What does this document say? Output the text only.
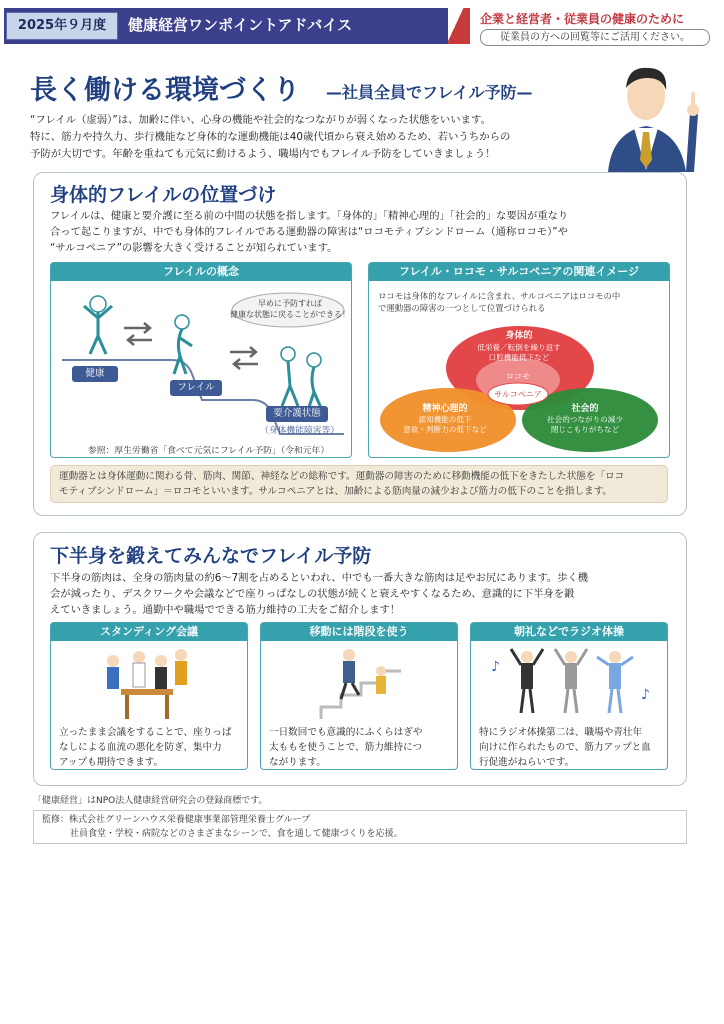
2025年９月度	健康経営ワンポイントアドバイス	企業と経営者・従業員の健康のために
従業員の方への回覧等にご活用ください。
長く働ける環境づくり —社員全員でフレイル予防—

“フレイル（虚弱）”は、加齢に伴い、心身の機能や社会的なつながりが弱くなった状態をいいます。

特に、筋力や持久力、歩行機能など身体的な運動機能は40歳代頃から衰え始めるため、若いうちからの

予防が大切です。年齢を重ねても元気に動けるよう、職場内でもフレイル予防をしていきましょう！

身体的フレイルの位置づけ

フレイルは、健康と要介護に至る前の中間の状態を指します。「身体的」「精神心理的」「社会的」な要因が重なり

合って起こりますが、中でも身体的フレイルである運動器の障害は“ロコモティブシンドローム（通称ロコモ）”や

“サルコペニア”の影響を大きく受けることが知られています。

フレイルの概念
早めに予防すれば
健康な状態に戻ることができる！
健康
フレイル
要介護状態
（身体機能障害等）
参照：厚生労働省「食べて元気にフレイル予防」（令和元年）
フレイル・ロコモ・サルコペニアの関連イメージ
ロコモは身体的なフレイルに含まれ、サルコペニアはロコモの中
で運動器の障害の一つとして位置づけられる
身体的
低栄養／転倒を繰り返す
口腔機能低下など
ロコモ
サルコペニア
精神心理的
認知機能の低下
意欲・判断力の低下など
社会的
社会的つながりの減少
閉じこもりがちなど

運動器とは身体運動に関わる骨、筋肉、関節、神経などの総称です。運動器の障害のために移動機能の低下をきたした状態を「ロコ

モティブシンドローム」＝ロコモといいます。サルコペニアとは、加齢による筋肉量の減少および筋力の低下のことを指します。

下半身を鍛えてみんなでフレイル予防

下半身の筋肉は、全身の筋肉量の約6～7割を占めるといわれ、中でも一番大きな筋肉は足やお尻にあります。歩く機

会が減ったり、デスクワークや会議などで座りっぱなしの状態が続くと衰えやすくなるため、意識的に下半身を鍛

えていきましょう。通勤中や職場でできる筋力維持の工夫をご紹介します！

スタンディング会議

立ったまま会議をすることで、座りっぱ

なしによる血流の悪化を防ぎ、集中力

アップも期待できます。

移動には階段を使う

一日数回でも意識的にふくらはぎや

太ももを使うことで、筋力維持につ

ながります。

朝礼などでラジオ体操
♪
♪

特にラジオ体操第二は、職場や青壮年

向けに作られたもので、筋力アップと血

行促進がねらいです。

「健康経営」はNPO法人健康経営研究会の登録商標です。

監修：株式会社グリーンハウス栄養健康事業部管理栄養士グループ

社員食堂・学校・病院などのさまざまなシーンで、食を通して健康づくりを応援。
